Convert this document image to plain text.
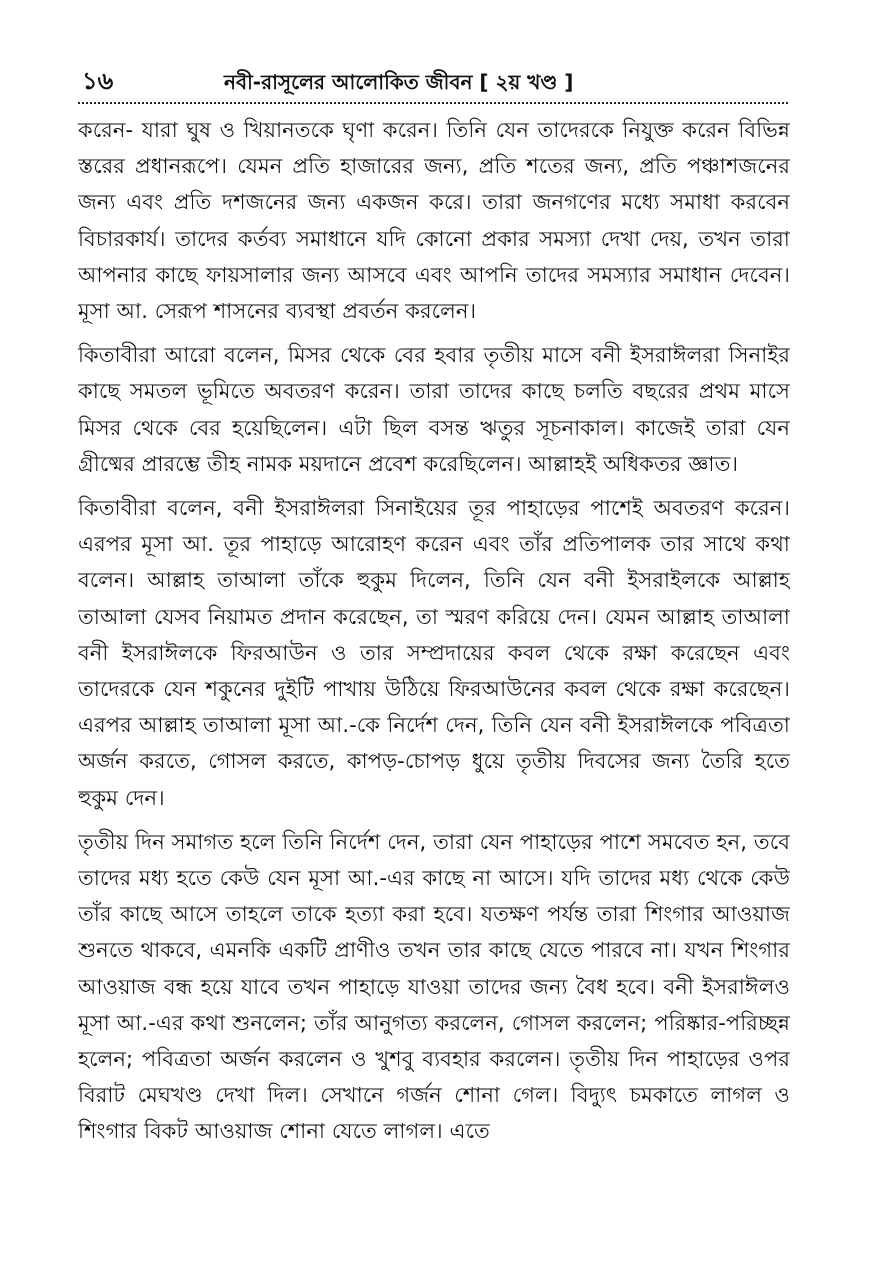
১৬	নবী-রাসূলের আলোকিত জীবন [ ২য় খণ্ড ]

করেন- যারা ঘুষ ও খিয়ানতকে ঘৃণা করেন। তিনি যেন তাদেরকে নিযুক্ত করেন বিভিন্ন স্তরের প্রধানরূপে। যেমন প্রতি হাজারের জন্য, প্রতি শতের জন্য, প্রতি পঞ্চাশজনের জন্য এবং প্রতি দশজনের জন্য একজন করে। তারা জনগণের মধ্যে সমাধা করবেন বিচারকার্য। তাদের কর্তব্য সমাধানে যদি কোনো প্রকার সমস্যা দেখা দেয়, তখন তারা আপনার কাছে ফায়সালার জন্য আসবে এবং আপনি তাদের সমস্যার সমাধান দেবেন। মূসা আ. সেরূপ শাসনের ব্যবস্থা প্রবর্তন করলেন।

কিতাবীরা আরো বলেন, মিসর থেকে বের হবার তৃতীয় মাসে বনী ইসরাঈলরা সিনাইর কাছে সমতল ভূমিতে অবতরণ করেন। তারা তাদের কাছে চলতি বছরের প্রথম মাসে মিসর থেকে বের হয়েছিলেন। এটা ছিল বসন্ত ঋতুর সূচনাকাল। কাজেই তারা যেন গ্রীষ্মের প্রারম্ভে তীহ নামক ময়দানে প্রবেশ করেছিলেন। আল্লাহই অধিকতর জ্ঞাত।

কিতাবীরা বলেন, বনী ইসরাঈলরা সিনাইয়ের তূর পাহাড়ের পাশেই অবতরণ করেন। এরপর মূসা আ. তূর পাহাড়ে আরোহণ করেন এবং তাঁর প্রতিপালক তার সাথে কথা বলেন। আল্লাহ তাআলা তাঁকে হুকুম দিলেন, তিনি যেন বনী ইসরাইলকে আল্লাহ তাআলা যেসব নিয়ামত প্রদান করেছেন, তা স্মরণ করিয়ে দেন। যেমন আল্লাহ তাআলা বনী ইসরাঈলকে ফিরআউন ও তার সম্প্রদায়ের কবল থেকে রক্ষা করেছেন এবং তাদেরকে যেন শকুনের দুইটি পাখায় উঠিয়ে ফিরআউনের কবল থেকে রক্ষা করেছেন। এরপর আল্লাহ তাআলা মূসা আ.-কে নির্দেশ দেন, তিনি যেন বনী ইসরাঈলকে পবিত্রতা অর্জন করতে, গোসল করতে, কাপড়-চোপড় ধুয়ে তৃতীয় দিবসের জন্য তৈরি হতে হুকুম দেন।

তৃতীয় দিন সমাগত হলে তিনি নির্দেশ দেন, তারা যেন পাহাড়ের পাশে সমবেত হন, তবে তাদের মধ্য হতে কেউ যেন মূসা আ.-এর কাছে না আসে। যদি তাদের মধ্য থেকে কেউ তাঁর কাছে আসে তাহলে তাকে হত্যা করা হবে। যতক্ষণ পর্যন্ত তারা শিংগার আওয়াজ শুনতে থাকবে, এমনকি একটি প্রাণীও তখন তার কাছে যেতে পারবে না। যখন শিংগার আওয়াজ বন্ধ হয়ে যাবে তখন পাহাড়ে যাওয়া তাদের জন্য বৈধ হবে। বনী ইসরাঈলও মূসা আ.-এর কথা শুনলেন; তাঁর আনুগত্য করলেন, গোসল করলেন; পরিষ্কার-পরিচ্ছন্ন হলেন; পবিত্রতা অর্জন করলেন ও খুশবু ব্যবহার করলেন। তৃতীয় দিন পাহাড়ের ওপর বিরাট মেঘখণ্ড দেখা দিল। সেখানে গর্জন শোনা গেল। বিদ্যুৎ চমকাতে লাগল ও শিংগার বিকট আওয়াজ শোনা যেতে লাগল। এতে
